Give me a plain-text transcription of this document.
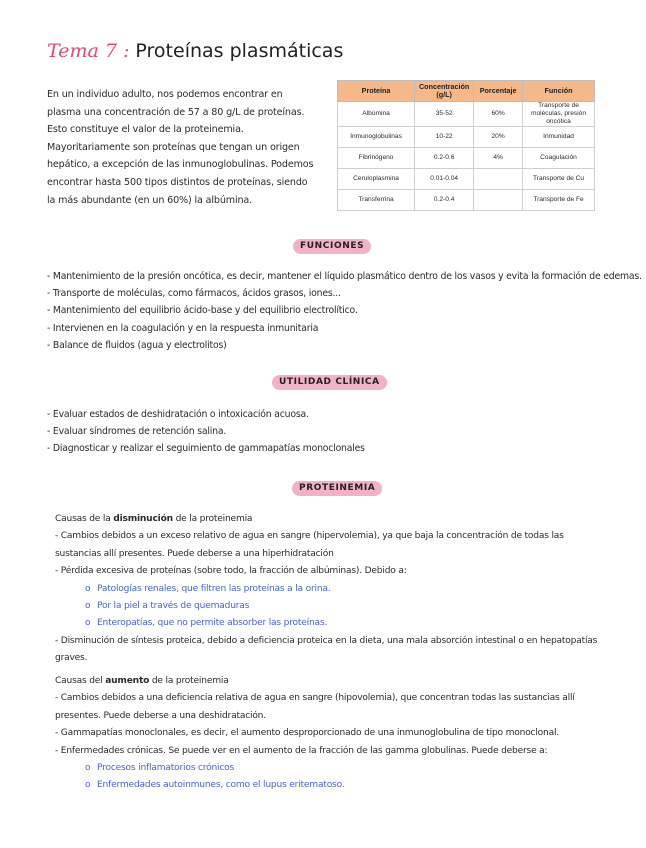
Tema 7 : Proteínas plasmáticas

En un individuo adulto, nos podemos encontrar en plasma una concentración de 57 a 80 g/L de proteínas. Esto constituye el valor de la proteinemia. Mayoritariamente son proteínas que tengan un origen hepático, a excepción de las inmunoglobulinas. Podemos encontrar hasta 500 tipos distintos de proteínas, siendo la más abundante (en un 60%) la albúmina.

Proteína	Concentración (g/L)	Porcentaje	Función
Albúmina	35-52	60%	Transporte de moléculas, presión oncótica
Inmunoglobulinas	10-22	20%	Inmunidad
Fibrinógeno	0.2-0.6	4%	Coagulación
Ceruloplasmina	0.01-0.04		Transporte de Cu
Transferrina	0.2-0.4		Transporte de Fe
FUNCIONES
- Mantenimiento de la presión oncótica, es decir, mantener el líquido plasmático dentro de los vasos y evita la formación de edemas.
- Transporte de moléculas, como fármacos, ácidos grasos, iones...
- Mantenimiento del equilibrio ácido-base y del equilibrio electrolítico.
- Intervienen en la coagulación y en la respuesta inmunitaria
- Balance de fluidos (agua y electrolitos)
UTILIDAD CLÍNICA
- Evaluar estados de deshidratación o intoxicación acuosa.
- Evaluar síndromes de retención salina.
- Diagnosticar y realizar el seguimiento de gammapatías monoclonales
PROTEINEMIA

Causas de la disminución de la proteinemia

- Cambios debidos a un exceso relativo de agua en sangre (hipervolemia), ya que baja la concentración de todas las sustancias allí presentes. Puede deberse a una hiperhidratación

- Pérdida excesiva de proteínas (sobre todo, la fracción de albúminas). Debido a:

o Patologías renales, que filtren las proteínas a la orina.

o Por la piel a través de quemaduras

o Enteropatías, que no permite absorber las proteínas.

- Disminución de síntesis proteica, debido a deficiencia proteica en la dieta, una mala absorción intestinal o en hepatopatías graves.

Causas del aumento de la proteinemia

- Cambios debidos a una deficiencia relativa de agua en sangre (hipovolemia), que concentran todas las sustancias allí presentes. Puede deberse a una deshidratación.

- Gammapatías monoclonales, es decir, el aumento desproporcionado de una inmunoglobulina de tipo monoclonal.

- Enfermedades crónicas. Se puede ver en el aumento de la fracción de las gamma globulinas. Puede deberse a:

o Procesos inflamatorios crónicos

o Enfermedades autoinmunes, como el lupus eritematoso.
